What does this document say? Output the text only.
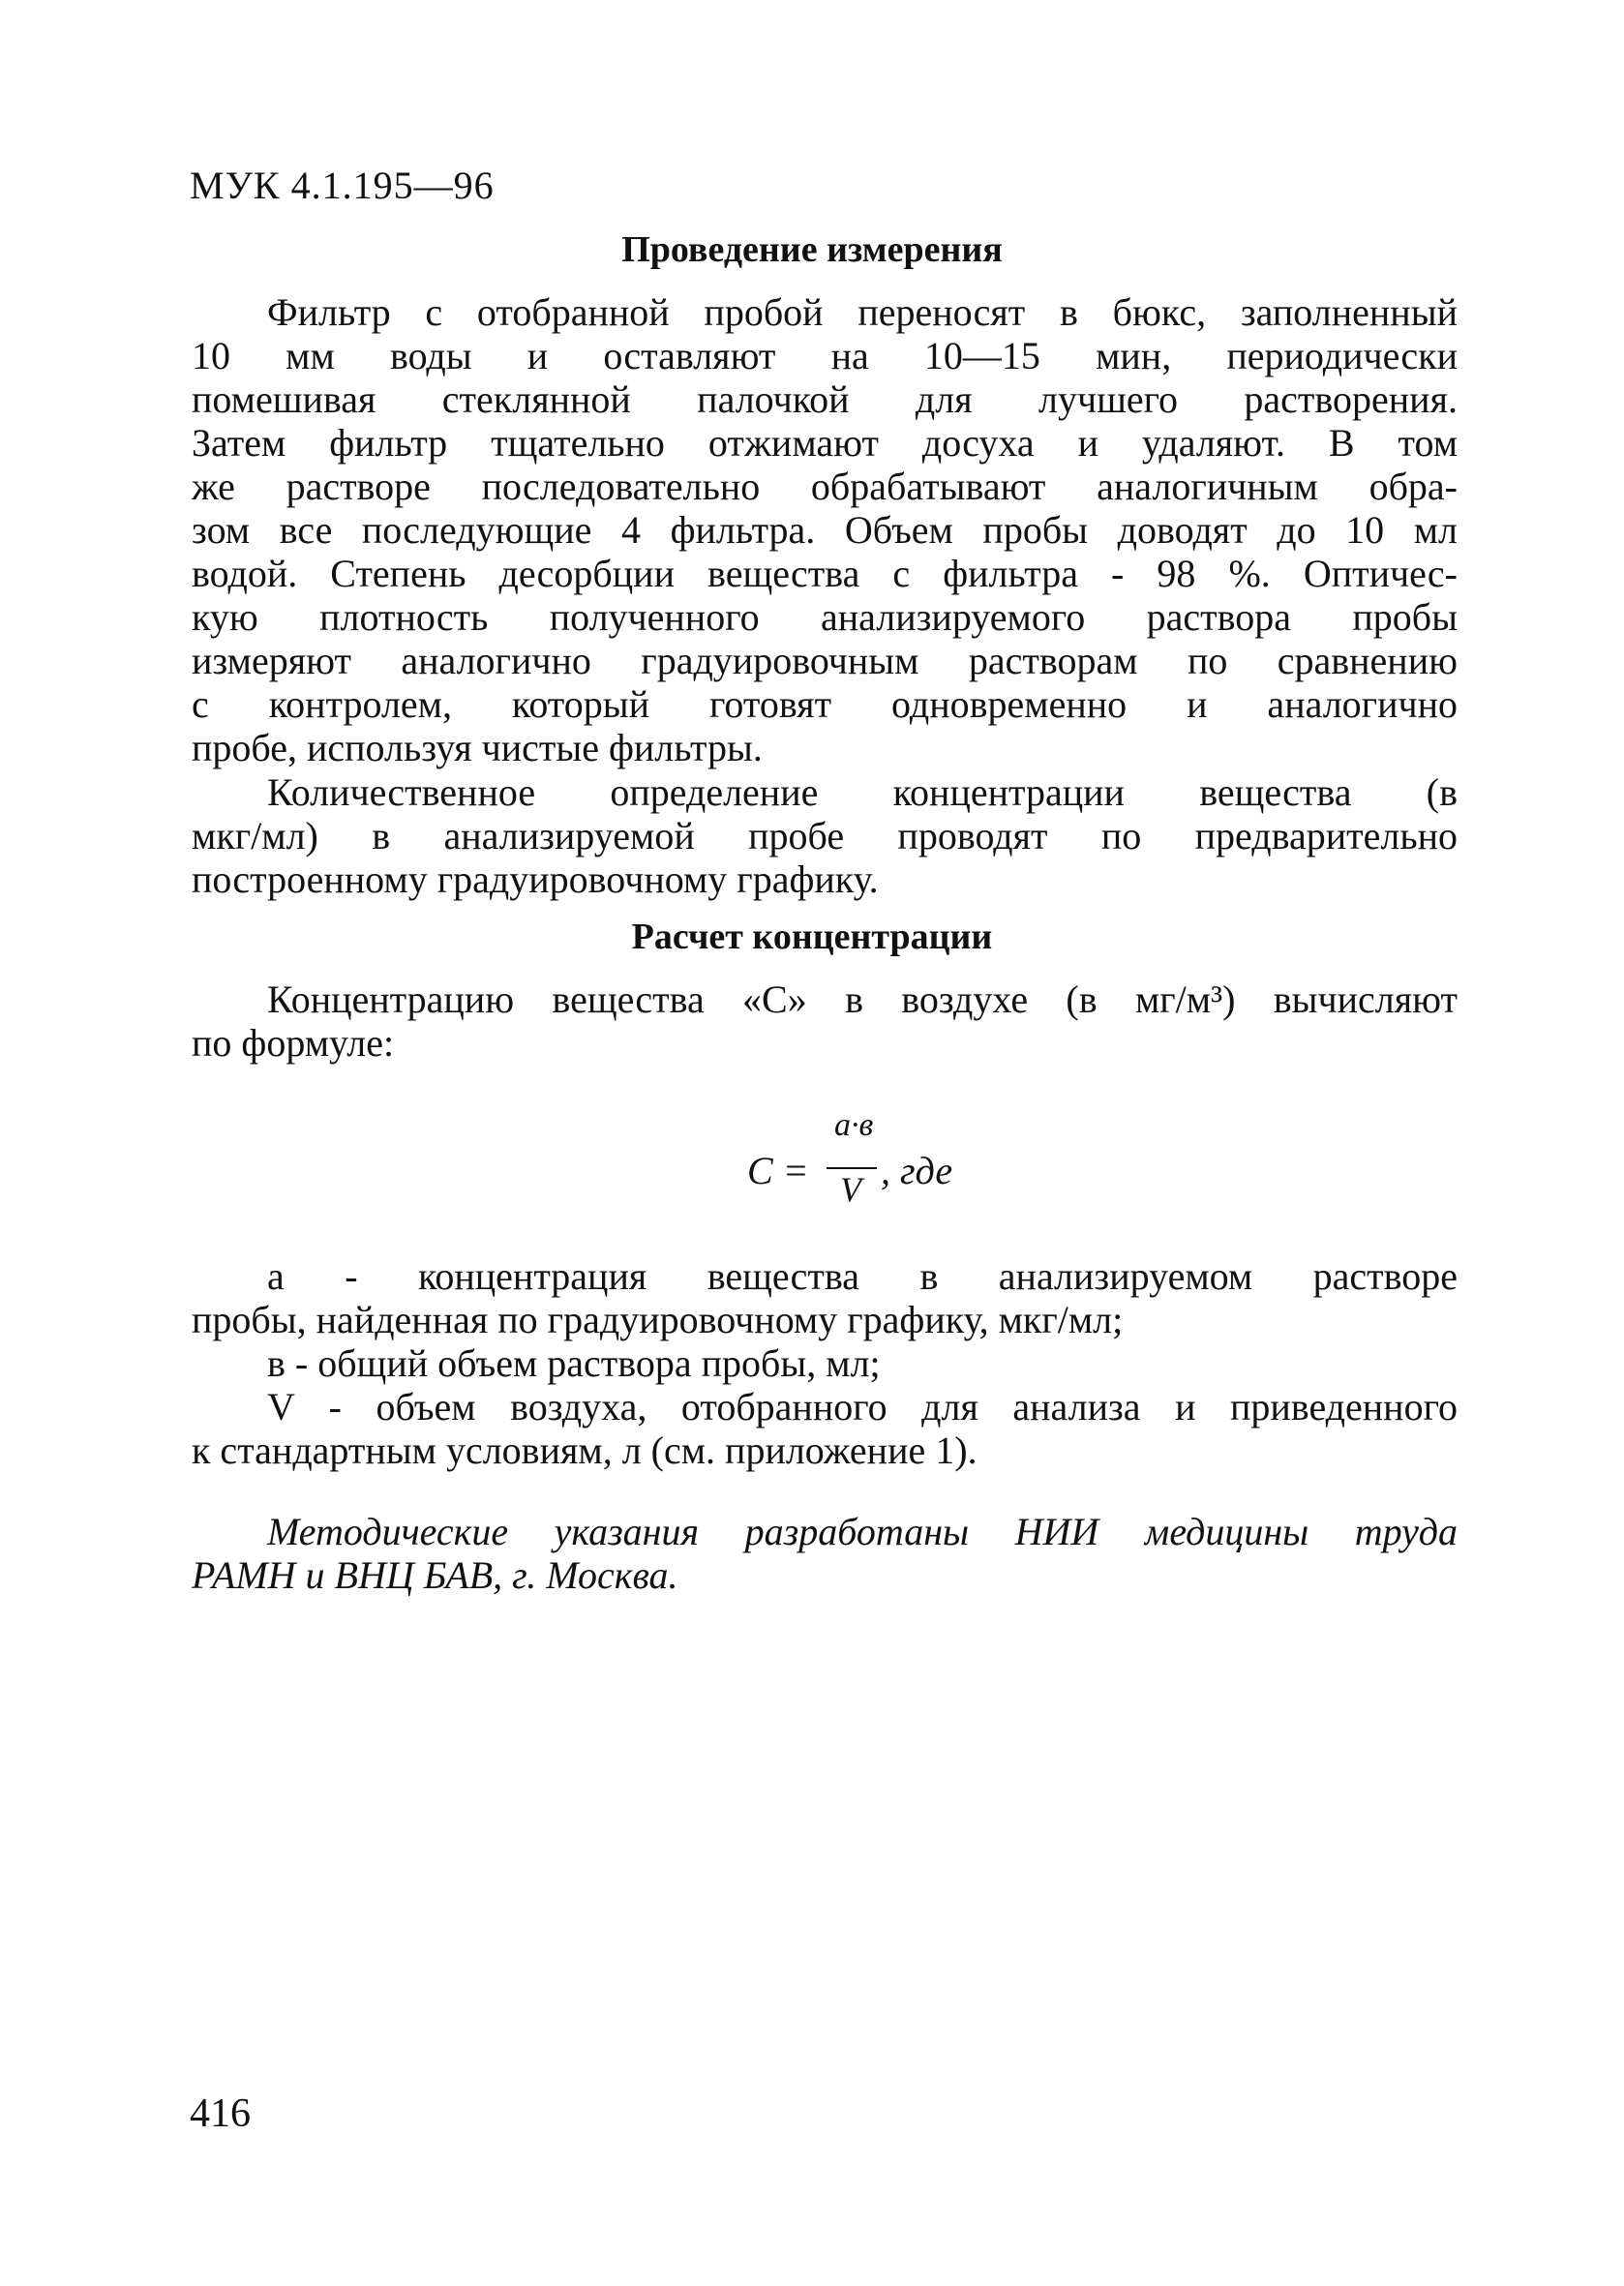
МУК 4.1.195—96
Проведение измерения
Фильтр с отобранной пробой переносят в бюкс, заполненный
10 мм воды и оставляют на 10—15 мин, периодически
помешивая стеклянной палочкой для лучшего растворения.
Затем фильтр тщательно отжимают досуха и удаляют. В том
же растворе последовательно обрабатывают аналогичным обра-
зом все последующие 4 фильтра. Объем пробы доводят до 10 мл
водой. Степень десорбции вещества с фильтра - 98 %. Оптичес-
кую плотность полученного анализируемого раствора пробы
измеряют аналогично градуировочным растворам по сравнению
с контролем, который готовят одновременно и аналогично
пробе, используя чистые фильтры.
Количественное определение концентрации вещества (в
мкг/мл) в анализируемой пробе проводят по предварительно
построенному градуировочному графику.
Расчет концентрации
Концентрацию вещества «С» в воздухе (в мг/м³) вычисляют
по формуле:
С =
а·в
V , где
а - концентрация вещества в анализируемом растворе
пробы, найденная по градуировочному графику, мкг/мл;
в - общий объем раствора пробы, мл;
V - объем воздуха, отобранного для анализа и приведенного
к стандартным условиям, л (см. приложение 1).
Методические указания разработаны НИИ медицины труда
РАМН и ВНЦ БАВ, г. Москва.
416
